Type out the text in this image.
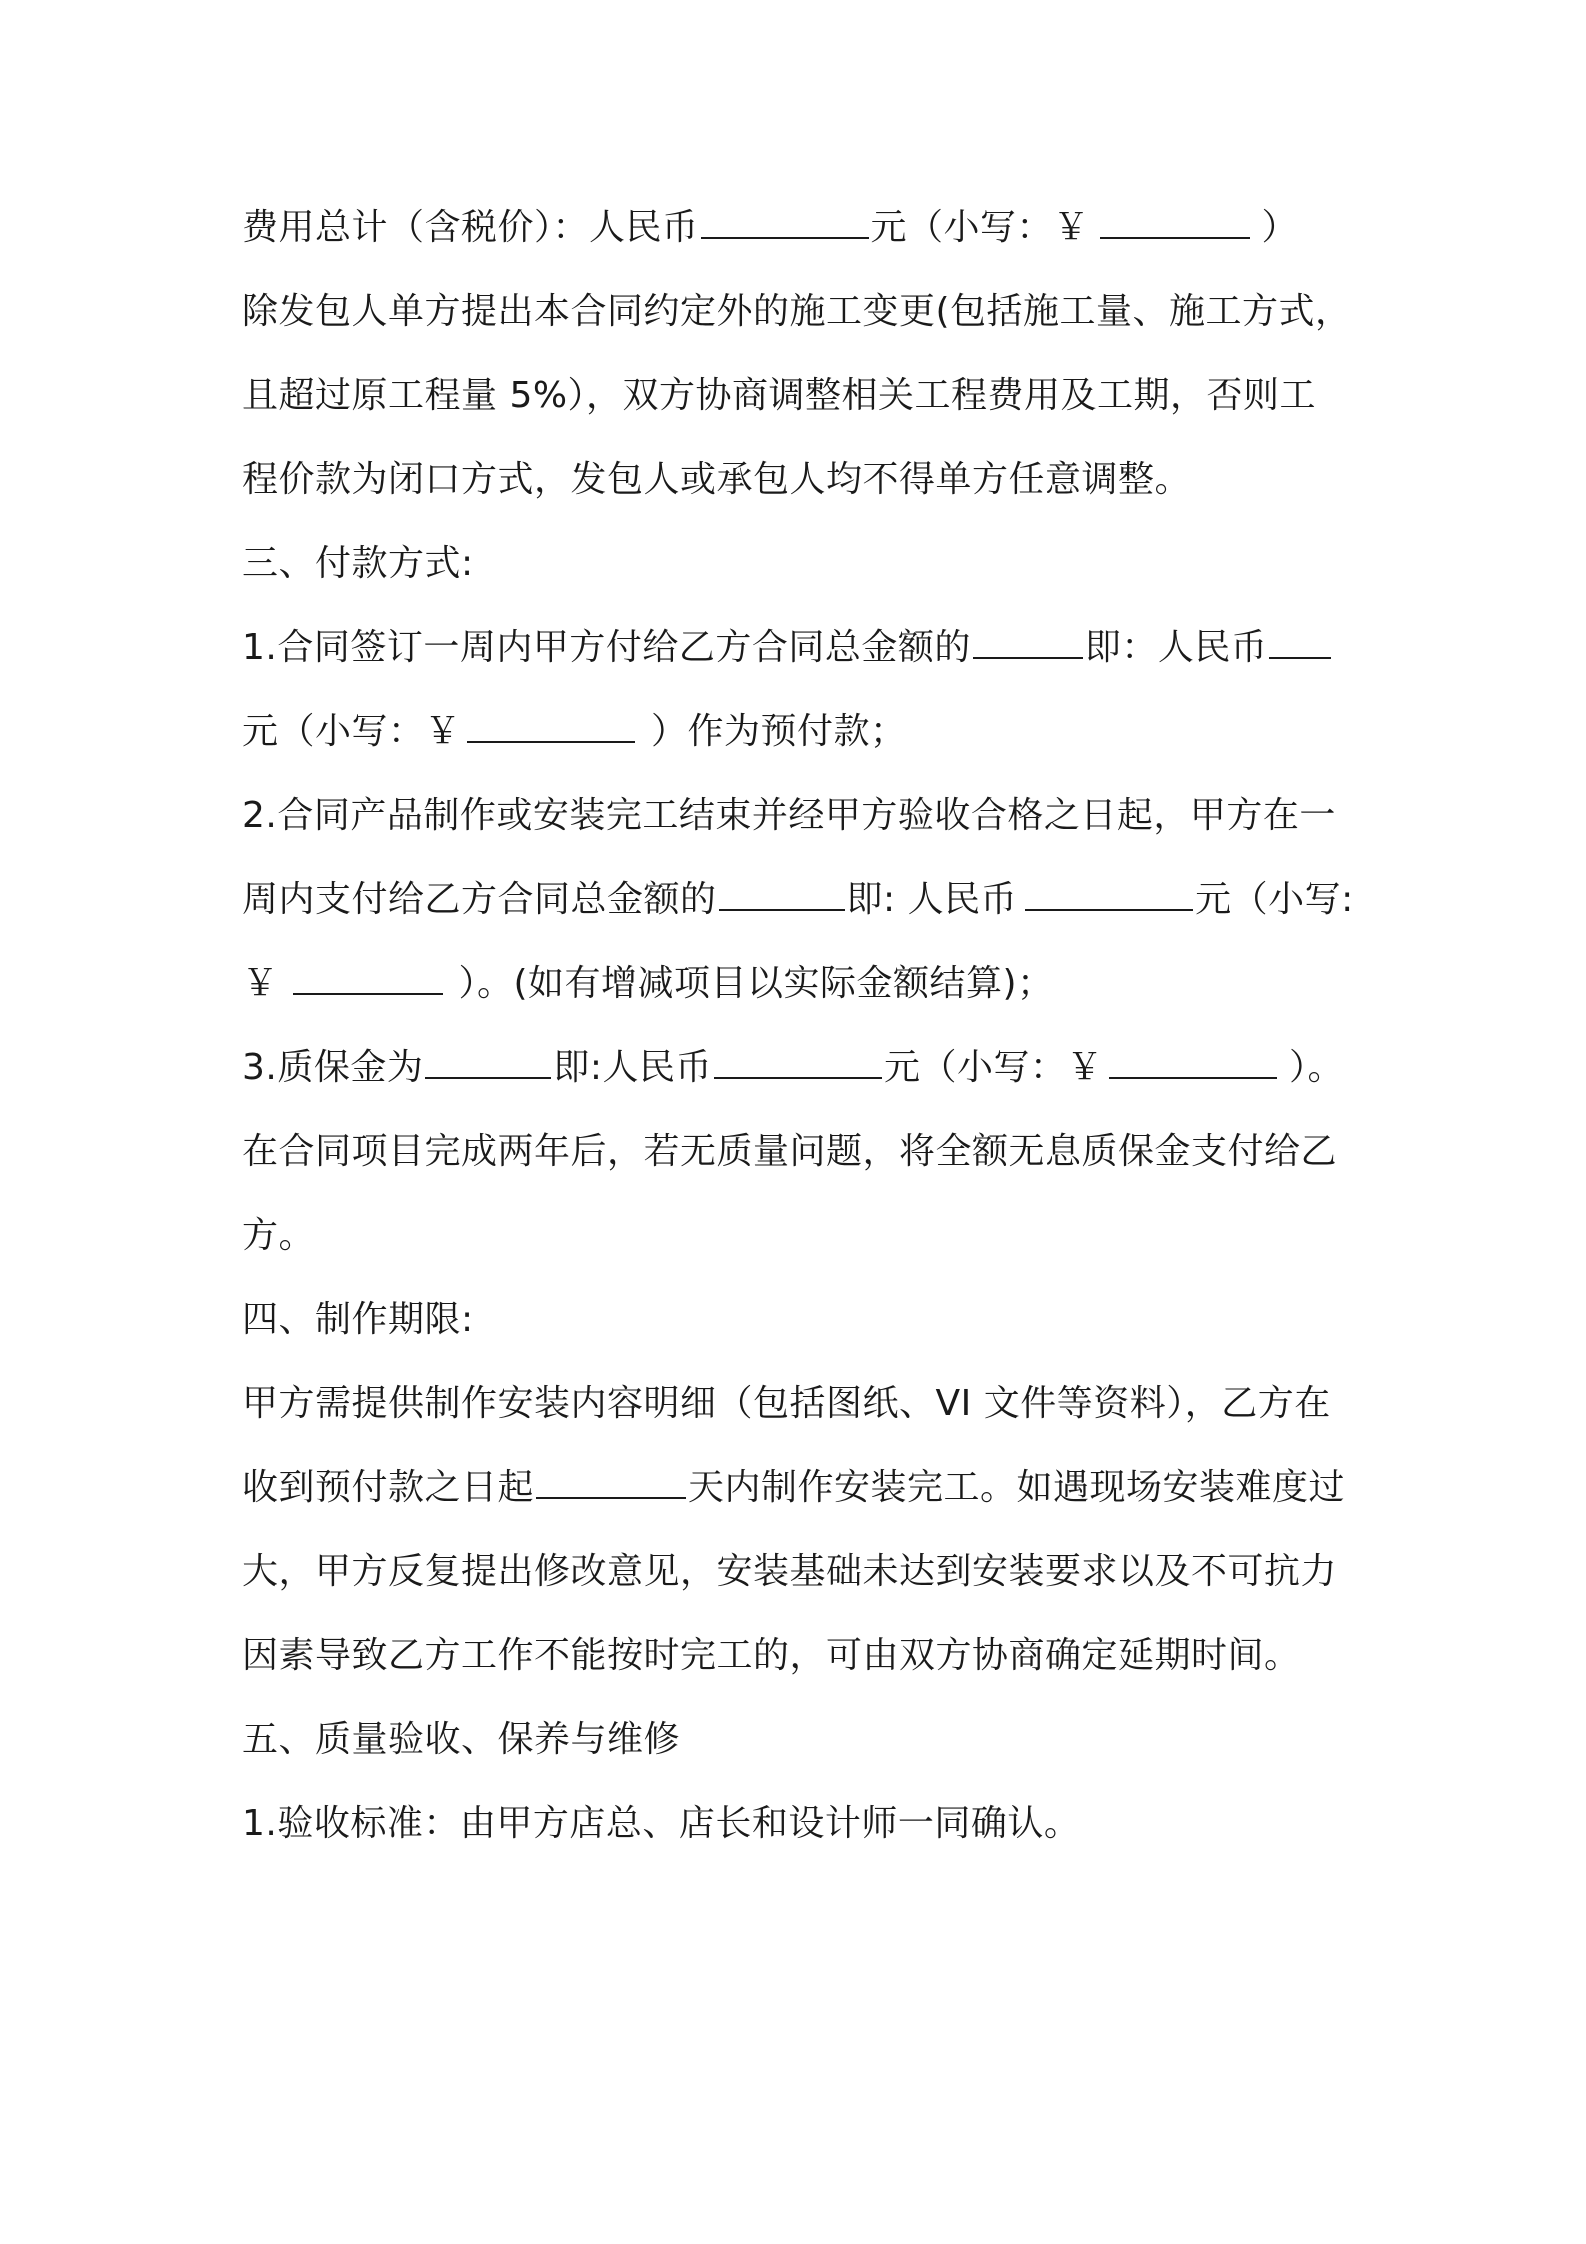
费用总计（含税价）：人民币	元（小写：￥	）
除发包人单方提出本合同约定外的施工变更(包括施工量、施工方式，
且超过原工程量 5%），双方协商调整相关工程费用及工期，否则工
程价款为闭口方式，发包人或承包人均不得单方任意调整。
三、付款方式:
1.合同签订一周内甲方付给乙方合同总金额的	即：人民币
元（小写：￥	）作为预付款；
2.合同产品制作或安装完工结束并经甲方验收合格之日起，甲方在一
周内支付给乙方合同总金额的	即: 人民币	元（小写:
￥	）。(如有增减项目以实际金额结算)；
3.质保金为	即:人民币	元（小写：￥	）。
在合同项目完成两年后，若无质量问题，将全额无息质保金支付给乙
方。
四、制作期限:
甲方需提供制作安装内容明细（包括图纸、VI 文件等资料），乙方在
收到预付款之日起	天内制作安装完工。如遇现场安装难度过
大，甲方反复提出修改意见，安装基础未达到安装要求以及不可抗力
因素导致乙方工作不能按时完工的，可由双方协商确定延期时间。
五、质量验收、保养与维修
1.验收标准：由甲方店总、店长和设计师一同确认。
